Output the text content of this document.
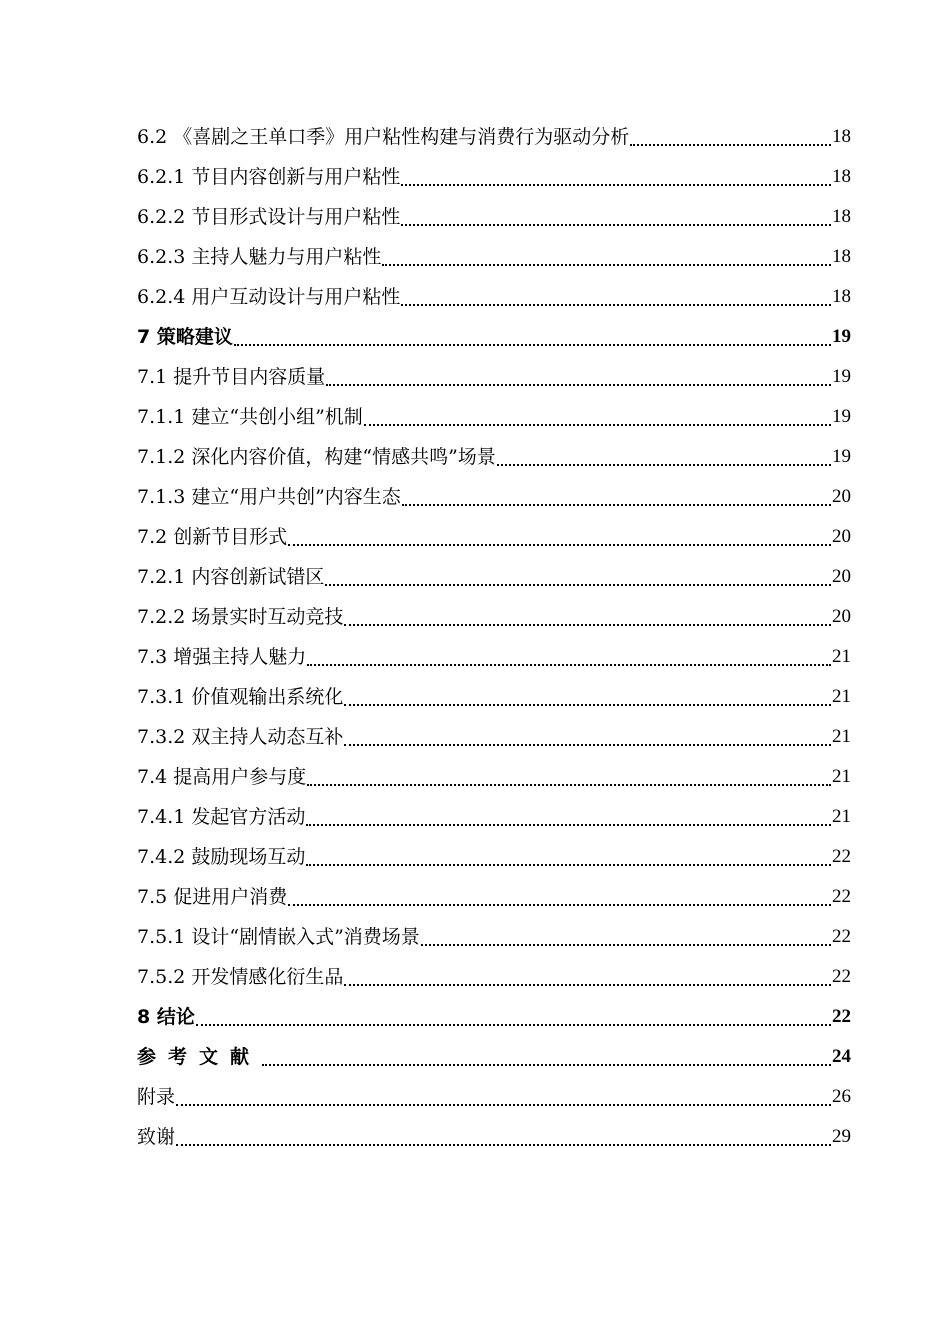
6.2 《喜剧之王单口季》用户粘性构建与消费行为驱动分析	18
6.2.1 节目内容创新与用户粘性	18
6.2.2 节目形式设计与用户粘性	18
6.2.3 主持人魅力与用户粘性	18
6.2.4 用户互动设计与用户粘性	18
7 策略建议	19
7.1 提升节目内容质量	19
7.1.1 建立“共创小组”机制	19
7.1.2 深化内容价值，构建“情感共鸣”场景	19
7.1.3 建立“用户共创”内容生态	20
7.2 创新节目形式	20
7.2.1 内容创新试错区	20
7.2.2 场景实时互动竞技	20
7.3 增强主持人魅力	21
7.3.1 价值观输出系统化	21
7.3.2 双主持人动态互补	21
7.4 提高用户参与度	21
7.4.1 发起官方活动	21
7.4.2 鼓励现场互动	22
7.5 促进用户消费	22
7.5.1 设计“剧情嵌入式”消费场景	22
7.5.2 开发情感化衍生品	22
8 结论	22
参考文献	24
附录	26
致谢	29
